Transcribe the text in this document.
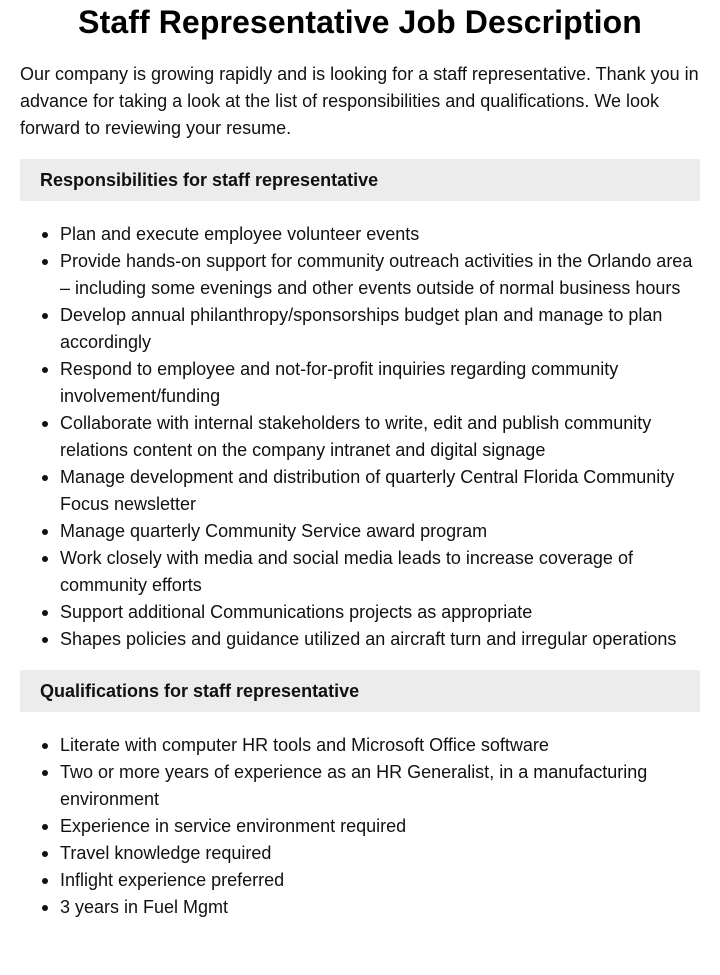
Staff Representative Job Description

Our company is growing rapidly and is looking for a staff representative. Thank you in advance for taking a look at the list of responsibilities and qualifications. We look forward to reviewing your resume.

Responsibilities for staff representative
Plan and execute employee volunteer events
Provide hands-on support for community outreach activities in the Orlando area – including some evenings and other events outside of normal business hours
Develop annual philanthropy/sponsorships budget plan and manage to plan accordingly
Respond to employee and not-for-profit inquiries regarding community involvement/funding
Collaborate with internal stakeholders to write, edit and publish community relations content on the company intranet and digital signage
Manage development and distribution of quarterly Central Florida Community Focus newsletter
Manage quarterly Community Service award program
Work closely with media and social media leads to increase coverage of community efforts
Support additional Communications projects as appropriate
Shapes policies and guidance utilized an aircraft turn and irregular operations
Qualifications for staff representative
Literate with computer HR tools and Microsoft Office software
Two or more years of experience as an HR Generalist, in a manufacturing environment
Experience in service environment required
Travel knowledge required
Inflight experience preferred
3 years in Fuel Mgmt
